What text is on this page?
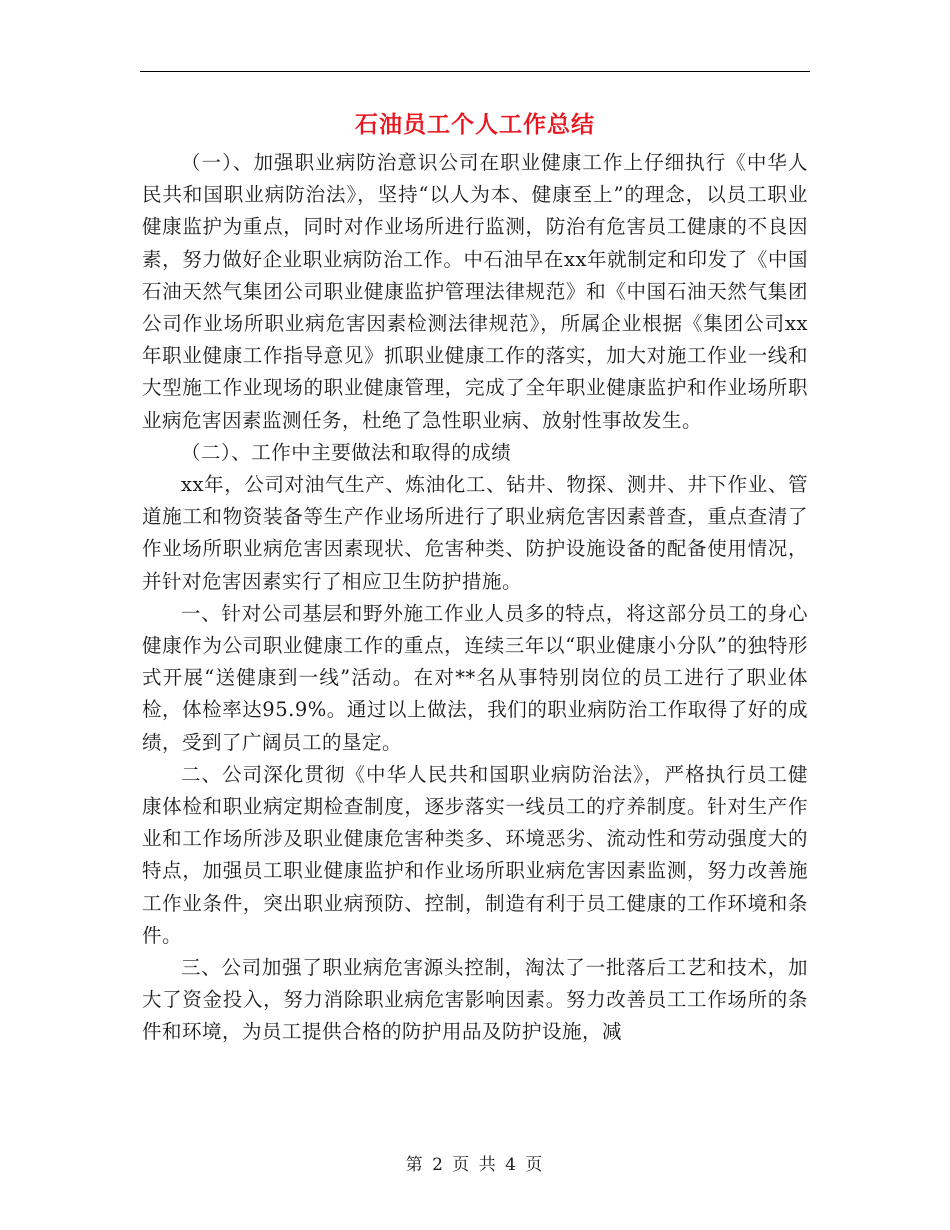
石油员工个人工作总结

（一）、加强职业病防治意识公司在职业健康工作上仔细执行《中华人民共和国职业病防治法》，坚持“以人为本、健康至上”的理念，以员工职业健康监护为重点，同时对作业场所进行监测，防治有危害员工健康的不良因素，努力做好企业职业病防治工作。中石油早在xx年就制定和印发了《中国石油天然气集团公司职业健康监护管理法律规范》和《中国石油天然气集团公司作业场所职业病危害因素检测法律规范》，所属企业根据《集团公司xx年职业健康工作指导意见》抓职业健康工作的落实，加大对施工作业一线和大型施工作业现场的职业健康管理，完成了全年职业健康监护和作业场所职业病危害因素监测任务，杜绝了急性职业病、放射性事故发生。

（二）、工作中主要做法和取得的成绩

xx年，公司对油气生产、炼油化工、钻井、物探、测井、井下作业、管道施工和物资装备等生产作业场所进行了职业病危害因素普查，重点查清了作业场所职业病危害因素现状、危害种类、防护设施设备的配备使用情况，并针对危害因素实行了相应卫生防护措施。

一、针对公司基层和野外施工作业人员多的特点，将这部分员工的身心健康作为公司职业健康工作的重点，连续三年以“职业健康小分队”的独特形式开展“送健康到一线”活动。在对**名从事特别岗位的员工进行了职业体检，体检率达95.9%。通过以上做法，我们的职业病防治工作取得了好的成绩，受到了广阔员工的垦定。

二、公司深化贯彻《中华人民共和国职业病防治法》，严格执行员工健康体检和职业病定期检查制度，逐步落实一线员工的疗养制度。针对生产作业和工作场所涉及职业健康危害种类多、环境恶劣、流动性和劳动强度大的特点，加强员工职业健康监护和作业场所职业病危害因素监测，努力改善施工作业条件，突出职业病预防、控制，制造有利于员工健康的工作环境和条件。

三、公司加强了职业病危害源头控制，淘汰了一批落后工艺和技术，加大了资金投入，努力消除职业病危害影响因素。努力改善员工工作场所的条件和环境，为员工提供合格的防护用品及防护设施，减

第 2 页 共 4 页
